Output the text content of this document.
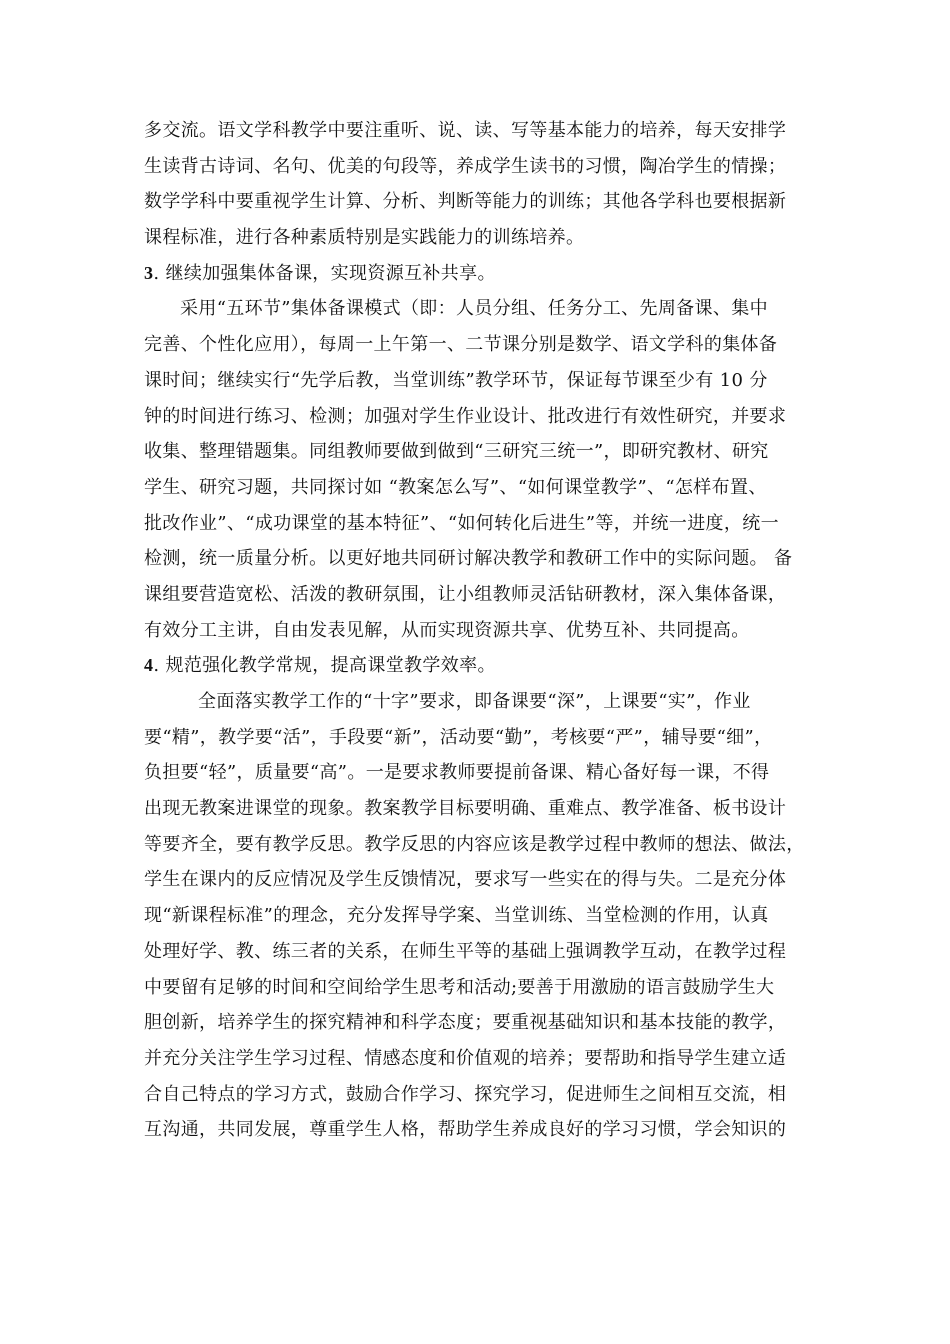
多交流。语文学科教学中要注重听、说、读、写等基本能力的培养，每天安排学
生读背古诗词、名句、优美的句段等，养成学生读书的习惯，陶冶学生的情操；
数学学科中要重视学生计算、分析、判断等能力的训练；其他各学科也要根据新
课程标准，进行各种素质特别是实践能力的训练培养。
3. 继续加强集体备课，实现资源互补共享。
采用“五环节”集体备课模式（即：人员分组、任务分工、先周备课、集中
完善、个性化应用），每周一上午第一、二节课分别是数学、语文学科的集体备
课时间；继续实行“先学后教，当堂训练”教学环节，保证每节课至少有 10 分
钟的时间进行练习、检测；加强对学生作业设计、批改进行有效性研究，并要求
收集、整理错题集。同组教师要做到做到“三研究三统一”，即研究教材、研究
学生、研究习题，共同探讨如 “教案怎么写”、“如何课堂教学”、“怎样布置、
批改作业”、“成功课堂的基本特征”、“如何转化后进生”等，并统一进度，统一
检测，统一质量分析。以更好地共同研讨解决教学和教研工作中的实际问题。 备
课组要营造宽松、活泼的教研氛围，让小组教师灵活钻研教材，深入集体备课，
有效分工主讲，自由发表见解，从而实现资源共享、优势互补、共同提高。
4. 规范强化教学常规，提高课堂教学效率。
全面落实教学工作的“十字”要求，即备课要“深”，上课要“实”，作业
要“精”，教学要“活”，手段要“新”，活动要“勤”，考核要“严”，辅导要“细”，
负担要“轻”，质量要“高”。一是要求教师要提前备课、精心备好每一课，不得
出现无教案进课堂的现象。教案教学目标要明确、重难点、教学准备、板书设计
等要齐全，要有教学反思。教学反思的内容应该是教学过程中教师的想法、做法，
学生在课内的反应情况及学生反馈情况，要求写一些实在的得与失。二是充分体
现“新课程标准”的理念，充分发挥导学案、当堂训练、当堂检测的作用，认真
处理好学、教、练三者的关系，在师生平等的基础上强调教学互动，在教学过程
中要留有足够的时间和空间给学生思考和活动;要善于用激励的语言鼓励学生大
胆创新，培养学生的探究精神和科学态度；要重视基础知识和基本技能的教学，
并充分关注学生学习过程、情感态度和价值观的培养；要帮助和指导学生建立适
合自己特点的学习方式，鼓励合作学习、探究学习，促进师生之间相互交流，相
互沟通，共同发展，尊重学生人格，帮助学生养成良好的学习习惯，学会知识的
